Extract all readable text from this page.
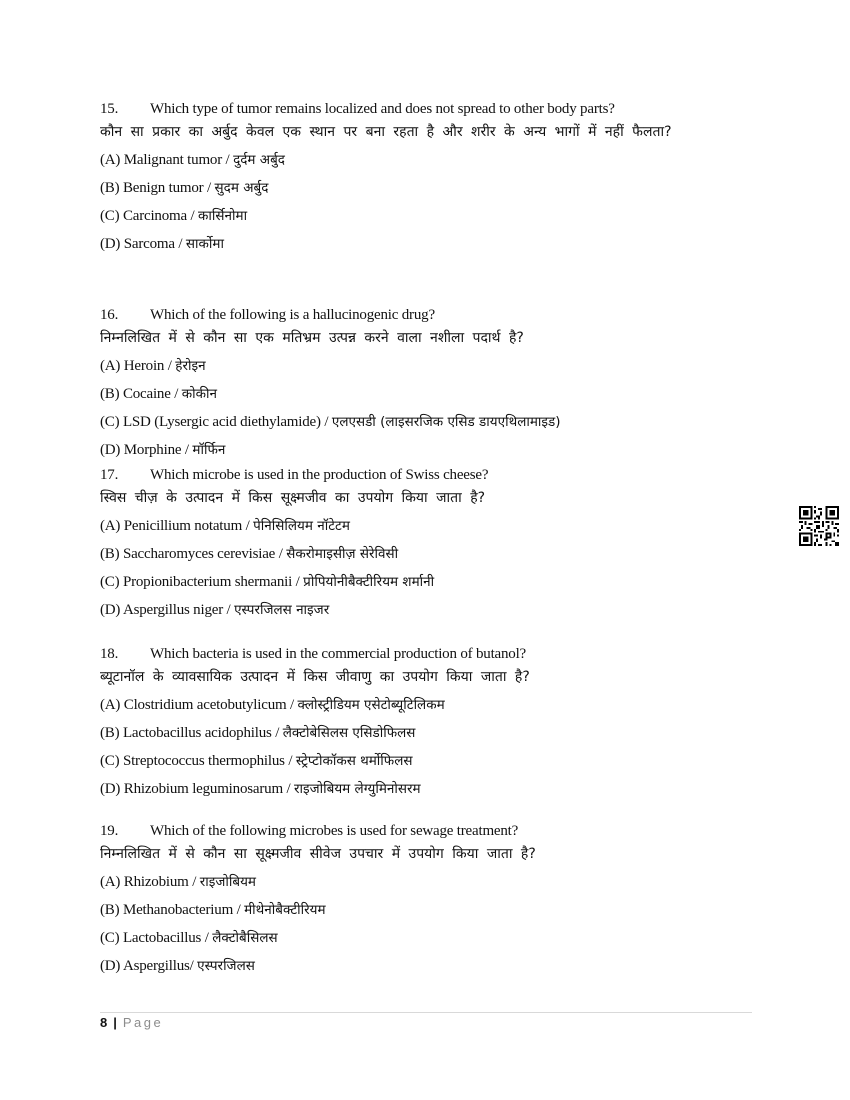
15. Which type of tumor remains localized and does not spread to other body parts?
कौन सा प्रकार का अर्बुद केवल एक स्थान पर बना रहता है और शरीर के अन्य भागों में नहीं फैलता?
(A) Malignant tumor / दुर्दम अर्बुद
(B) Benign tumor / सुदम अर्बुद
(C) Carcinoma / कार्सिनोमा
(D) Sarcoma / सार्कोमा
16. Which of the following is a hallucinogenic drug?
निम्नलिखित में से कौन सा एक मतिभ्रम उत्पन्न करने वाला नशीला पदार्थ है?
(A) Heroin / हेरोइन
(B) Cocaine / कोकीन
(C) LSD (Lysergic acid diethylamide) / एलएसडी (लाइसरजिक एसिड डायएथिलामाइड)
(D) Morphine / मॉर्फिन
17. Which microbe is used in the production of Swiss cheese?
स्विस चीज़ के उत्पादन में किस सूक्ष्मजीव का उपयोग किया जाता है?
(A) Penicillium notatum / पेनिसिलियम नॉटेटम
(B) Saccharomyces cerevisiae / सैकरोमाइसीज़ सेरेविसी
(C) Propionibacterium shermanii / प्रोपियोनीबैक्टीरियम शर्मानी
(D) Aspergillus niger / एस्परजिलस नाइजर
18. Which bacteria is used in the commercial production of butanol?
ब्यूटानॉल के व्यावसायिक उत्पादन में किस जीवाणु का उपयोग किया जाता है?
(A) Clostridium acetobutylicum / क्लोस्ट्रीडियम एसेटोब्यूटिलिकम
(B) Lactobacillus acidophilus / लैक्टोबेसिलस एसिडोफिलस
(C) Streptococcus thermophilus / स्ट्रेप्टोकॉकस थर्मोफिलस
(D) Rhizobium leguminosarum / राइजोबियम लेग्युमिनोसरम
19. Which of the following microbes is used for sewage treatment?
निम्नलिखित में से कौन सा सूक्ष्मजीव सीवेज उपचार में उपयोग किया जाता है?
(A) Rhizobium / राइजोबियम
(B) Methanobacterium / मीथेनोबैक्टीरियम
(C) Lactobacillus / लैक्टोबैसिलस
(D) Aspergillus/ एस्परजिलस
8 | Page
